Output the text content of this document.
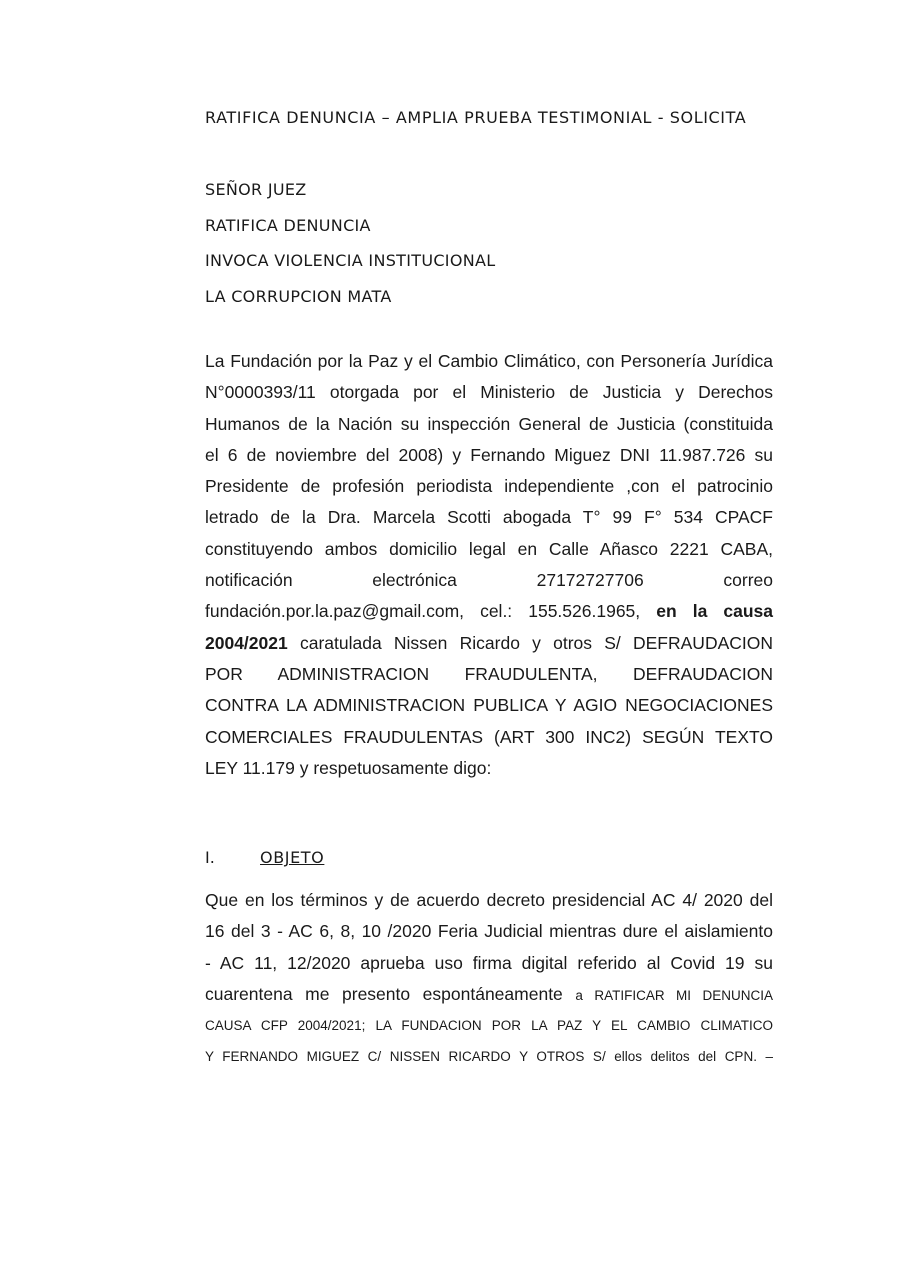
RATIFICA DENUNCIA – AMPLIA PRUEBA TESTIMONIAL - SOLICITA
SEÑOR JUEZ
RATIFICA DENUNCIA
INVOCA VIOLENCIA INSTITUCIONAL
LA CORRUPCION MATA
La Fundación por la Paz y el Cambio Climático, con Personería Jurídica
N°0000393/11 otorgada por el Ministerio de Justicia y Derechos
Humanos de la Nación su inspección General de Justicia (constituida
el 6 de noviembre del 2008) y Fernando Miguez DNI 11.987.726 su
Presidente de profesión periodista independiente ,con el patrocinio
letrado de la Dra. Marcela Scotti abogada T° 99 F° 534 CPACF
constituyendo ambos domicilio legal en Calle Añasco 2221 CABA,
notificación electrónica 27172727706 correo
fundación.por.la.paz@gmail.com, cel.: 155.526.1965, en la causa
2004/2021 caratulada Nissen Ricardo y otros S/ DEFRAUDACION
POR ADMINISTRACION FRAUDULENTA, DEFRAUDACION
CONTRA LA ADMINISTRACION PUBLICA Y AGIO NEGOCIACIONES
COMERCIALES FRAUDULENTAS (ART 300 INC2) SEGÚN TEXTO
LEY 11.179 y respetuosamente digo:
I.	OBJETO
Que en los términos y de acuerdo decreto presidencial AC 4/ 2020 del
16 del 3 - AC 6, 8, 10 /2020 Feria Judicial mientras dure el aislamiento
- AC 11, 12/2020 aprueba uso firma digital referido al Covid 19 su
cuarentena me presento espontáneamente a RATIFICAR MI DENUNCIA
CAUSA CFP 2004/2021; LA FUNDACION POR LA PAZ Y EL CAMBIO CLIMATICO
Y FERNANDO MIGUEZ C/ NISSEN RICARDO Y OTROS S/ ellos delitos del CPN. –
